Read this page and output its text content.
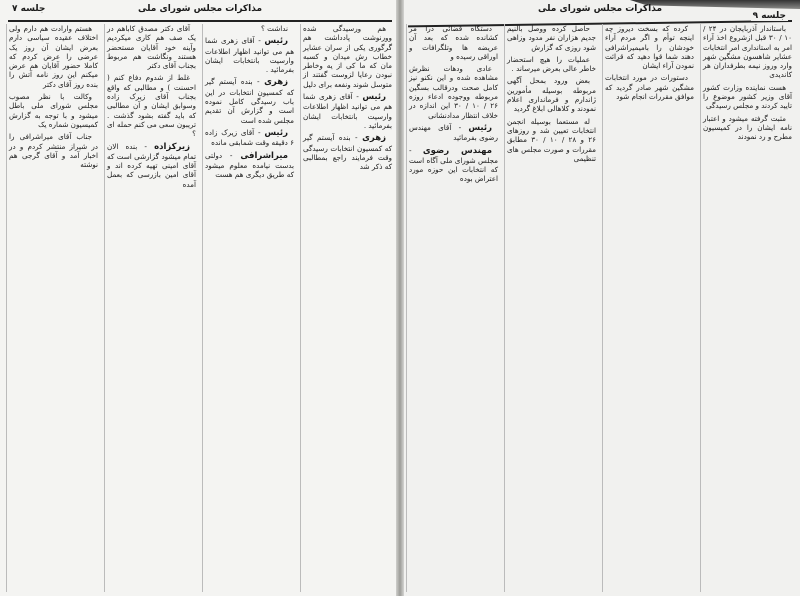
مذاکرات مجلس شورای ملی
جلسه ۷

هم ورسیدگی شده وورنوشت پادداشت هم گرگوری یکی از سران عشایر خطاب رش میدان و کسبه مان که ما کی از یه وخاطر نبودن رعایا لزوست گفتند از متوسل شوند ونفعه برای دلیل

رئیس - آقای زهری شما هم می توانید اظهار اطلاعات وارسیت بانتخابات ایشان بفرمائید .

زهری - بنده آیستم گیر که کمسیون انتخابات رسیدگی وقت فرمایند راجع بمطالبی که ذکر شد

نداشت ؟

رئیس - آقای زهری شما هم می توانید اظهار اطلاعات وارسیت بانتخابات ایشان بفرمائید .

زهری - بنده آیستم گیر که کمسیون انتخابات در این باب رسیدگی کامل نموده است و گزارش آن تقدیم مجلس شده است

رئیس - آقای زیرک زاده ۶ دقیقه وقت شمابقی مانده

میراشرافی - دولتی بدست نیامده معلوم میشود که طریق دیگری هم هست

آقای دکتر مصدق کاباهم در یک صف هم کاری میکردیم وآینه خود آقایان مستحضر هستند ونگاشت هم مربوط بجناب آقای دکتر

غلط از شدوم دفاع کنم ( احسنت ) و مطالبی که واقع بجناب آقای زیرک زاده وسوابق ایشان و آن مطالبی که باید گفته بشود گذشت . تریبون سعی می کنم حمله ای ؟

زیرکزاده - بنده الان تمام میشود گزارشی است که آقای امینی تهیه کرده اند و آقای امین بازرسی که بعمل آمده

هستم وارادت هم دارم ولی اختلاف عقیده سیاسی دارم بعرض ایشان آن روز یک عرضی را عرض کردم که کاملا حضور آقایان هم عرض میکنم این روز نامه آتش را بنده روز آقای دکتر

وکالت با نظر مصوب مجلس شورای ملی باطل میشود و با توجه به گزارش کمیسیون شماره یک

جناب آقای میراشرافی را در شیراز منتشر کردم و در اخبار آمد و آقای گرجی هم نوشته

مذاکرات مجلس شورای ملی
جلسه ۹

باستاندار آذربایجان در ۲۴ / ۱۰ / ۳۰ قبل ازشروع اخذ آراء امر به استانداری امر انتخابات عشایر شاهسون مشگین شهر وارد وروز نیمه بطرفداران هر کاندیدی

هست نماینده وزارت کشور آقای وزیر کشور موضوع را تایید کردند و مجلس رسیدگی

مثبت گرفته میشود و اعتبار نامه ایشان را در کمیسیون مطرح و رد نمودند

کرده که بسخت دیروز چه اینجه توأم و اگر مردم آراء خودشان را بامیمیراشرافی دهند شما قوا دهید که قرائت نمودن آراء ایشان

دستورات در مورد انتخابات مشگین شهر صادر گردید که موافق مقررات انجام شود

حاصل کرده ووصل بالنیم جدیم هزاران نفر مدود وزاهی شود روزی که گزارش

عملیات را هیچ استحضار خاطر عالی بعرض میرساند .

بعض ورود بمحل آگهی مربوطه بوسیله مأمورین ژاندارم و فرمانداری اعلام نمودند و کلاهالی ابلاغ گردید

له مستعما بوسیله انجمن انتخابات تعیین شد و روزهای ۲۶ و ۲۸ / ۱۰ / ۳۰ مطابق مقررات و صورت مجلس های تنظیمی

دستگاه قضائی درا مر کشانده شده که بعد آن عریضه ها وتلگرافات و اوراقی رسیده و

عادی ودهات نظرش مشاهده شده و این نکنو نیز کامل صحت ودرقالب بسگین مربوطه ووجوده ادعاء روزه ۲۶ / ۱۰ / ۳۰ این اندازه در خلاف انتظار مدادنشانی

رئیس - آقای مهندس رضوی بفرمائید

مهندس رضوی - مجلس شورای ملی آگاه است که انتخابات این حوزه مورد اعتراض بوده
